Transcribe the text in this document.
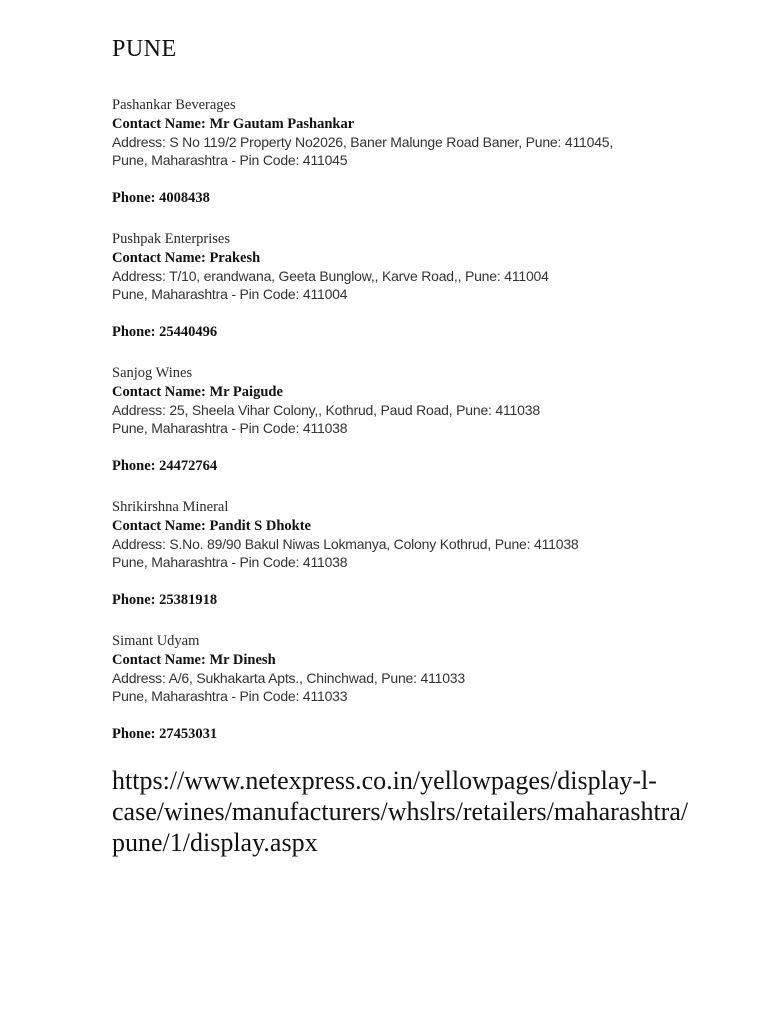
PUNE
Pashankar Beverages
Contact Name: Mr Gautam Pashankar
Address: S No 119/2 Property No2026, Baner Malunge Road Baner, Pune: 411045,
Pune, Maharashtra - Pin Code: 411045
Phone: 4008438
Pushpak Enterprises
Contact Name: Prakesh
Address: T/10, erandwana, Geeta Bunglow,, Karve Road,, Pune: 411004
Pune, Maharashtra - Pin Code: 411004
Phone: 25440496
Sanjog Wines
Contact Name: Mr Paigude
Address: 25, Sheela Vihar Colony,, Kothrud, Paud Road, Pune: 411038
Pune, Maharashtra - Pin Code: 411038
Phone: 24472764
Shrikirshna Mineral
Contact Name: Pandit S Dhokte
Address: S.No. 89/90 Bakul Niwas Lokmanya, Colony Kothrud, Pune: 411038
Pune, Maharashtra - Pin Code: 411038
Phone: 25381918
Simant Udyam
Contact Name: Mr Dinesh
Address: A/6, Sukhakarta Apts., Chinchwad, Pune: 411033
Pune, Maharashtra - Pin Code: 411033
Phone: 27453031
https://www.netexpress.co.in/yellowpages/display-l-
case/wines/manufacturers/whslrs/retailers/maharashtra/
pune/1/display.aspx
